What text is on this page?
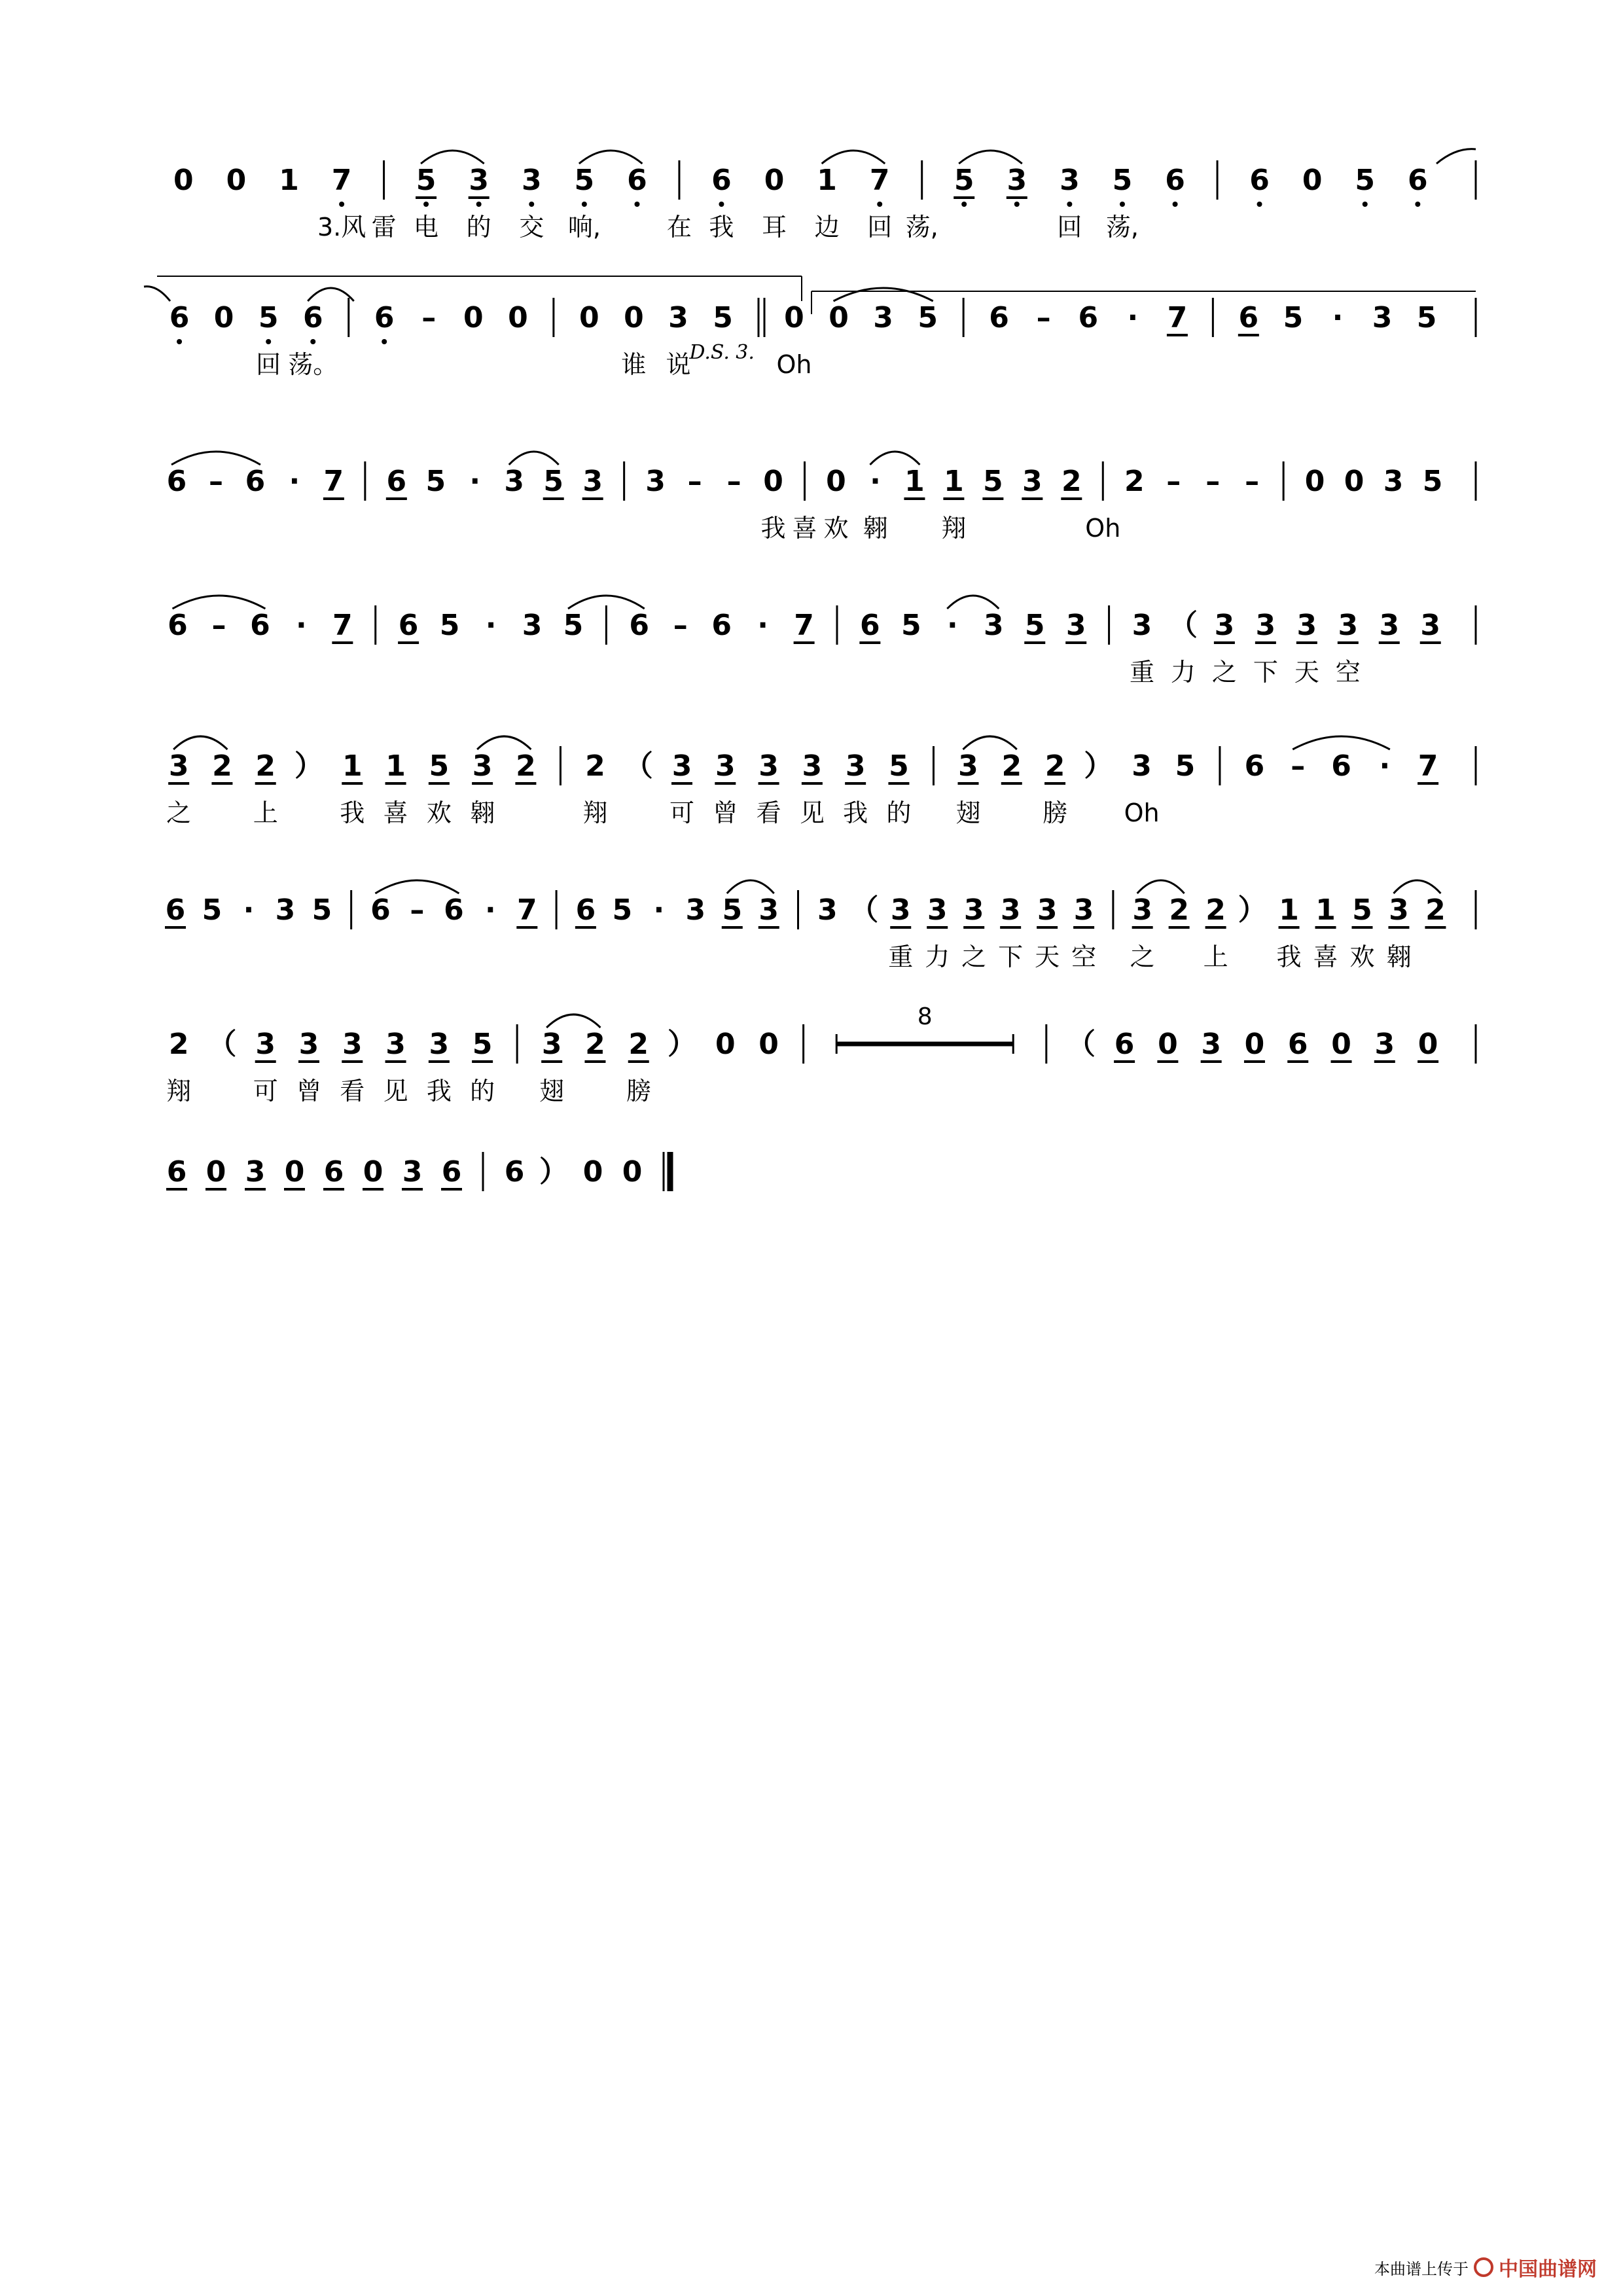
0 0 1 7 5 3 3 5 6 6 0 1 7 5 3 3 5 6 6 0 5 6
3.风 雷 电 的 交 响,	在 我 耳 边 回 荡,	回 荡,
6 0 5 6 6 – 0 0 0 0 3 5 0 0 3 5 6 – 6 · 7 6 5 · 3 5
回 荡。	谁 说	Oh
D.S. 3.
6 – 6 · 7 6 5 · 3 5 3 3 – – 0 0 · 1 1 5 3 2 2 – – – 0 0 3 5
我 喜 欢 翱 翔	Oh
6 – 6 · 7 6 5 · 3 5 6 – 6 · 7 6 5 · 3 5 3 3 （ 3 3 3 3 3 3
重 力 之 下 天 空
3 2 2 ） 1 1 5 3 2 2 （ 3 3 3 3 3 5 3 2 2 ） 3 5 6 – 6 · 7
之 上 我 喜 欢 翱	翔 可 曾 看 见 我 的 翅 膀 Oh
6 5 · 3 5 6 – 6 · 7 6 5 · 3 5 3 3 （ 3 3 3 3 3 3 3 2 2 ） 1 1 5 3 2
重 力 之 下 天 空 之 上 我 喜 欢 翱
2 （ 3 3 3 3 3 5 3 2 2 ） 0 0
8
（ 6 0 3 0 6 0 3 0
翔 可 曾 看 见 我 的 翅 膀
6 0 3 0 6 0 3 6 6 ） 0 0
本曲谱上传于 中国曲谱网
